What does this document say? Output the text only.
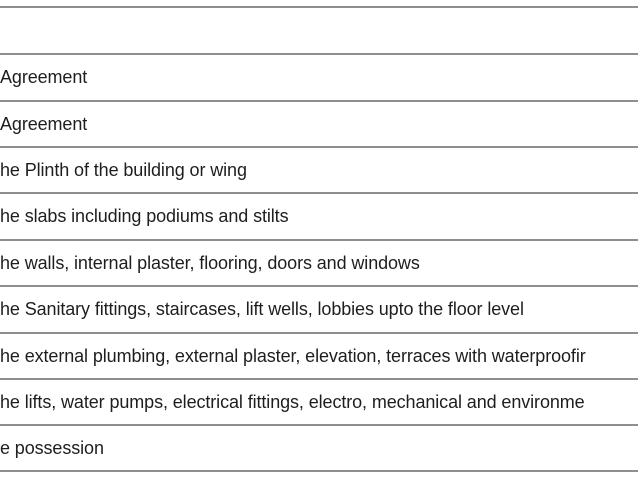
Agreement
Agreement
he Plinth of the building or wing
he slabs including podiums and stilts
he walls, internal plaster, flooring, doors and windows
he Sanitary fittings, staircases, lift wells, lobbies upto the floor level
he external plumbing, external plaster, elevation, terraces with waterproofir
he lifts, water pumps, electrical fittings, electro, mechanical and environme
e possession
